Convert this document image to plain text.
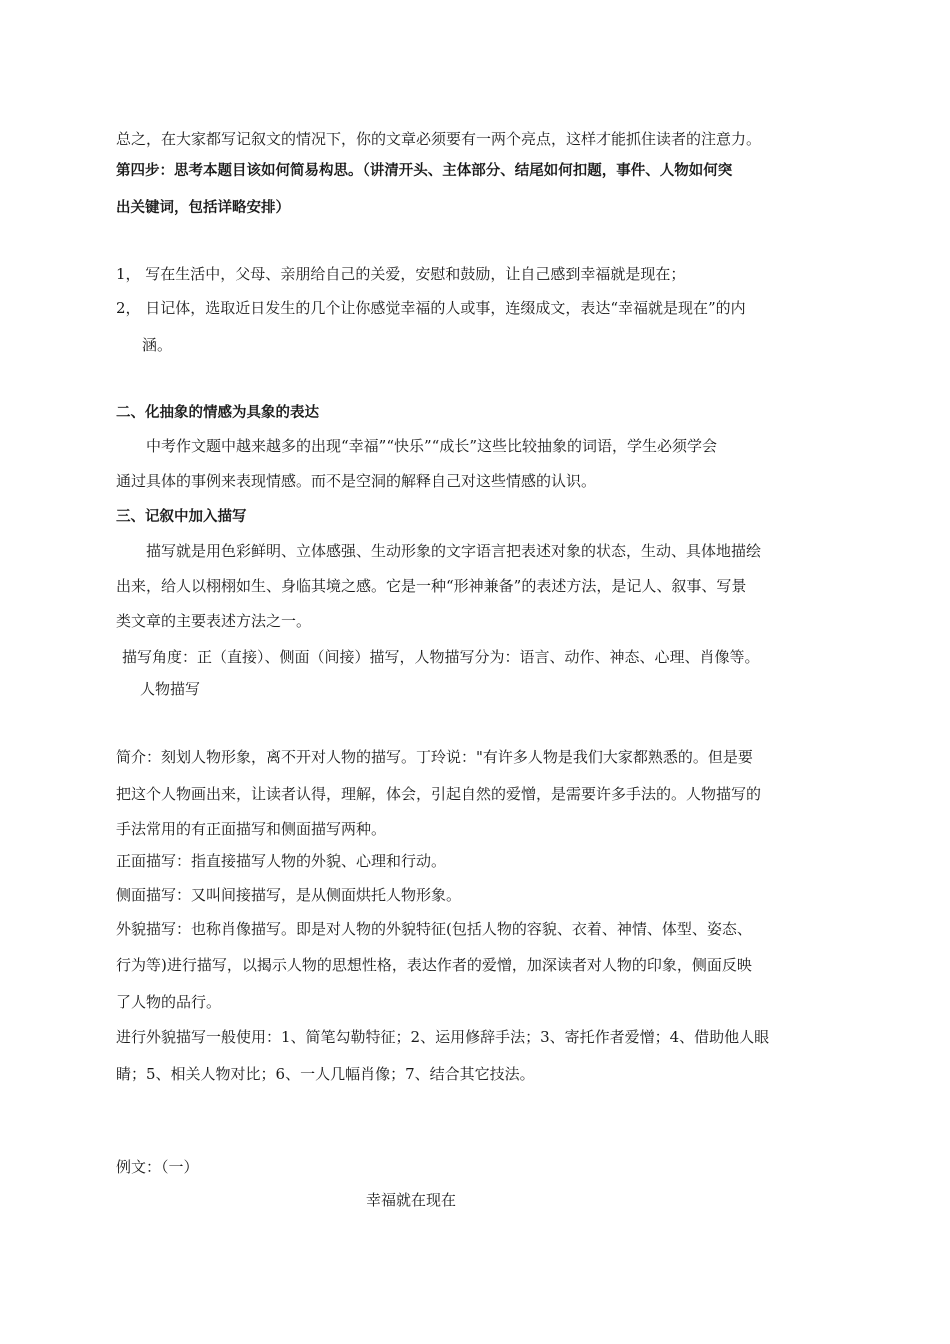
总之，在大家都写记叙文的情况下，你的文章必须要有一两个亮点，这样才能抓住读者的注意力。
第四步：思考本题目该如何简易构思。（讲清开头、主体部分、结尾如何扣题，事件、人物如何突
出关键词，包括详略安排）
1， 写在生活中，父母、亲朋给自己的关爱，安慰和鼓励，让自己感到幸福就是现在；
2， 日记体，选取近日发生的几个让你感觉幸福的人或事，连缀成文，表达“幸福就是现在”的内
涵。
二、化抽象的情感为具象的表达
中考作文题中越来越多的出现“幸福”“快乐”“成长”这些比较抽象的词语，学生必须学会
通过具体的事例来表现情感。而不是空洞的解释自己对这些情感的认识。
三、记叙中加入描写
描写就是用色彩鲜明、立体感强、生动形象的文字语言把表述对象的状态，生动、具体地描绘
出来，给人以栩栩如生、身临其境之感。它是一种“形神兼备”的表述方法，是记人、叙事、写景
类文章的主要表述方法之一。
描写角度：正（直接）、侧面（间接）描写，人物描写分为：语言、动作、神态、心理、肖像等。
人物描写
简介：刻划人物形象，离不开对人物的描写。丁玲说："有许多人物是我们大家都熟悉的。但是要
把这个人物画出来，让读者认得，理解，体会，引起自然的爱憎，是需要许多手法的。人物描写的
手法常用的有正面描写和侧面描写两种。
正面描写：指直接描写人物的外貌、心理和行动。
侧面描写：又叫间接描写，是从侧面烘托人物形象。
外貌描写：也称肖像描写。即是对人物的外貌特征(包括人物的容貌、衣着、神情、体型、姿态、
行为等)进行描写，以揭示人物的思想性格，表达作者的爱憎，加深读者对人物的印象，侧面反映
了人物的品行。
进行外貌描写一般使用：1、简笔勾勒特征；2、运用修辞手法；3、寄托作者爱憎；4、借助他人眼
睛；5、相关人物对比；6、一人几幅肖像；7、结合其它技法。
例文：（一）
幸福就在现在
